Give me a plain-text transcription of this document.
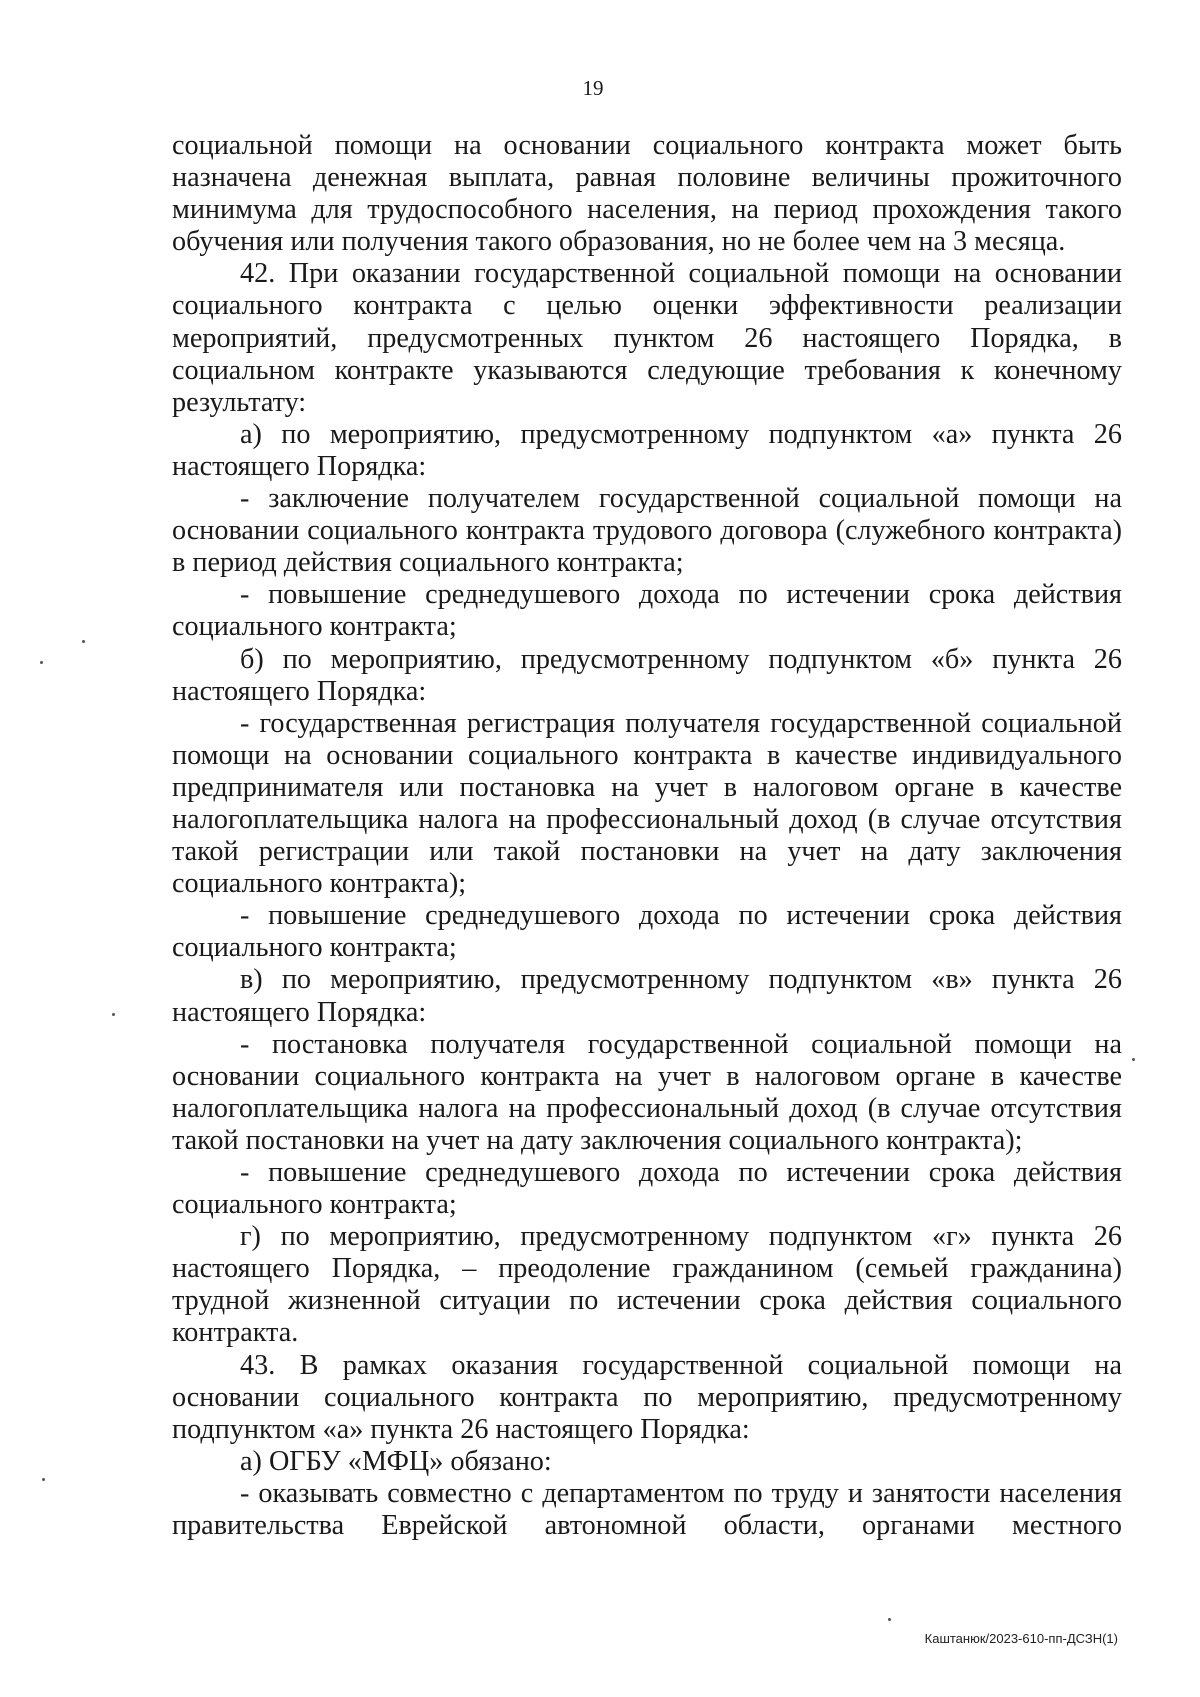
19

социальной помощи на основании социального контракта может быть назначена денежная выплата, равная половине величины прожиточного минимума для трудоспособного населения, на период прохождения такого обучения или получения такого образования, но не более чем на 3 месяца.

42. При оказании государственной социальной помощи на основании социального контракта с целью оценки эффективности реализации мероприятий, предусмотренных пунктом 26 настоящего Порядка, в социальном контракте указываются следующие требования к конечному результату:

а) по мероприятию, предусмотренному подпунктом «а» пункта 26 настоящего Порядка:

- заключение получателем государственной социальной помощи на основании социального контракта трудового договора (служебного контракта) в период действия социального контракта;

- повышение среднедушевого дохода по истечении срока действия социального контракта;

б) по мероприятию, предусмотренному подпунктом «б» пункта 26 настоящего Порядка:

- государственная регистрация получателя государственной социальной помощи на основании социального контракта в качестве индивидуального предпринимателя или постановка на учет в налоговом органе в качестве налогоплательщика налога на профессиональный доход (в случае отсутствия такой регистрации или такой постановки на учет на дату заключения социального контракта);

- повышение среднедушевого дохода по истечении срока действия социального контракта;

в) по мероприятию, предусмотренному подпунктом «в» пункта 26 настоящего Порядка:

- постановка получателя государственной социальной помощи на основании социального контракта на учет в налоговом органе в качестве налогоплательщика налога на профессиональный доход (в случае отсутствия такой постановки на учет на дату заключения социального контракта);

- повышение среднедушевого дохода по истечении срока действия социального контракта;

г) по мероприятию, предусмотренному подпунктом «г» пункта 26 настоящего Порядка, – преодоление гражданином (семьей гражданина) трудной жизненной ситуации по истечении срока действия социального контракта.

43. В рамках оказания государственной социальной помощи на основании социального контракта по мероприятию, предусмотренному подпунктом «а» пункта 26 настоящего Порядка:

а) ОГБУ «МФЦ» обязано:

- оказывать совместно с департаментом по труду и занятости населения правительства Еврейской автономной области, органами местного

Каштанюк/2023-610-пп-ДСЗН(1)
